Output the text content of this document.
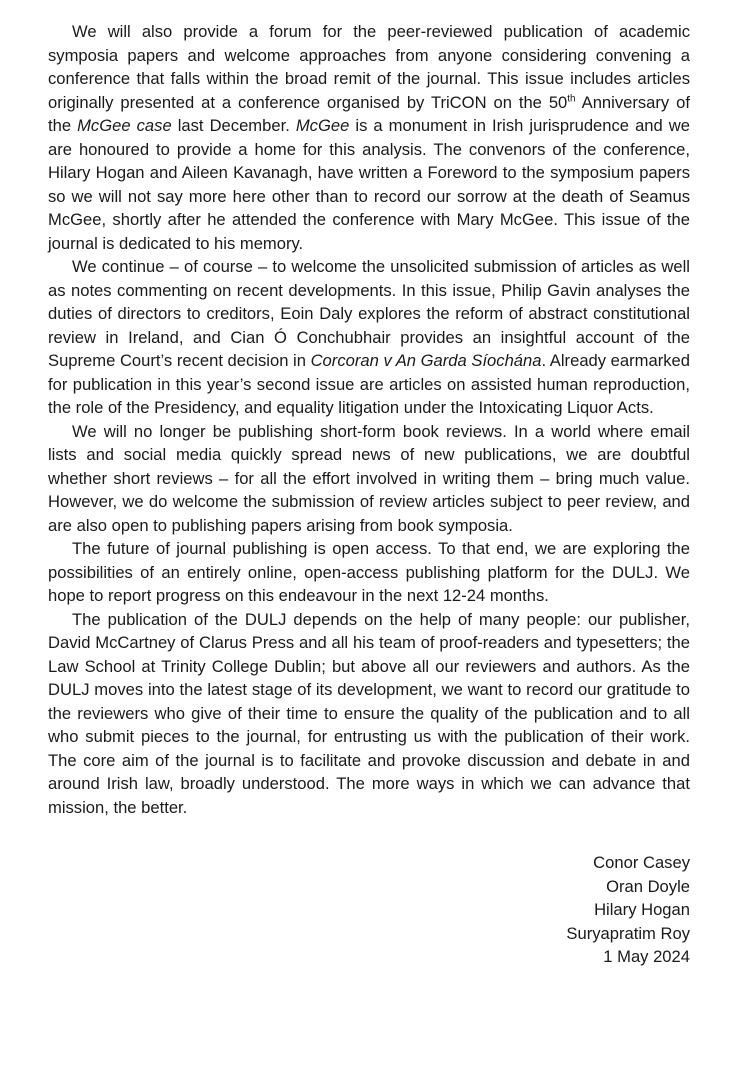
We will also provide a forum for the peer-reviewed publication of academic symposia papers and welcome approaches from anyone considering convening a conference that falls within the broad remit of the journal. This issue includes articles originally presented at a conference organised by TriCON on the 50th Anniversary of the McGee case last December. McGee is a monument in Irish jurisprudence and we are honoured to provide a home for this analysis. The convenors of the conference, Hilary Hogan and Aileen Kavanagh, have written a Foreword to the symposium papers so we will not say more here other than to record our sorrow at the death of Seamus McGee, shortly after he attended the conference with Mary McGee. This issue of the journal is dedicated to his memory.

We continue – of course – to welcome the unsolicited submission of articles as well as notes commenting on recent developments. In this issue, Philip Gavin analyses the duties of directors to creditors, Eoin Daly explores the reform of abstract constitutional review in Ireland, and Cian Ó Conchubhair provides an insightful account of the Supreme Court’s recent decision in Corcoran v An Garda Síochána. Already earmarked for publication in this year’s second issue are articles on assisted human reproduction, the role of the Presidency, and equality litigation under the Intoxicating Liquor Acts.

We will no longer be publishing short-form book reviews. In a world where email lists and social media quickly spread news of new publications, we are doubtful whether short reviews – for all the effort involved in writing them – bring much value. However, we do welcome the submission of review articles subject to peer review, and are also open to publishing papers arising from book symposia.

The future of journal publishing is open access. To that end, we are exploring the possibilities of an entirely online, open-access publishing platform for the DULJ. We hope to report progress on this endeavour in the next 12-24 months.

The publication of the DULJ depends on the help of many people: our publisher, David McCartney of Clarus Press and all his team of proof-readers and typesetters; the Law School at Trinity College Dublin; but above all our reviewers and authors. As the DULJ moves into the latest stage of its development, we want to record our gratitude to the reviewers who give of their time to ensure the quality of the publication and to all who submit pieces to the journal, for entrusting us with the publication of their work. The core aim of the journal is to facilitate and provoke discussion and debate in and around Irish law, broadly understood. The more ways in which we can advance that mission, the better.

Conor Casey
Oran Doyle
Hilary Hogan
Suryapratim Roy
1 May 2024
